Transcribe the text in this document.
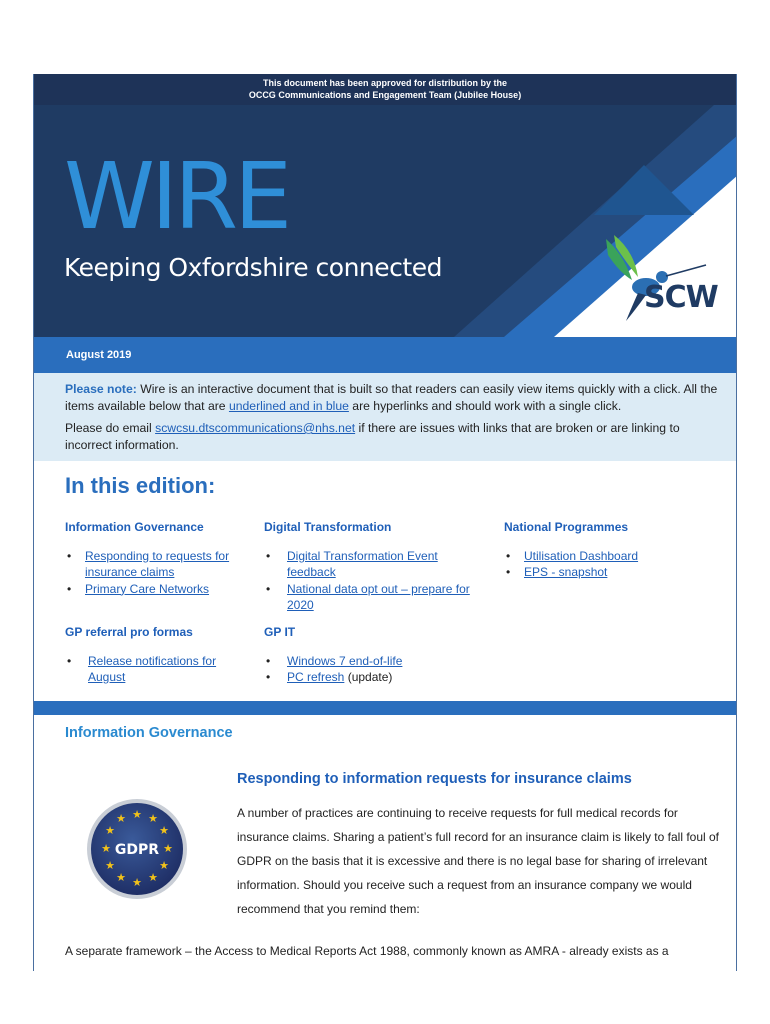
This document has been approved for distribution by the
OCCG Communications and Engagement Team (Jubilee House)
WIRE
Keeping Oxfordshire connected
SCW
August 2019

Please note: Wire is an interactive document that is built so that readers can easily view items quickly with a click. All the items available below that are underlined and in blue are hyperlinks and should work with a single click.

Please do email scwcsu.dtscommunications@nhs.net if there are issues with links that are broken or are linking to incorrect information.

In this edition:
Information Governance
• Responding to requests for insurance claims
• Primary Care Networks
Digital Transformation
• Digital Transformation Event feedback
• National data opt out – prepare for 2020
National Programmes
• Utilisation Dashboard
• EPS - snapshot
GP referral pro formas
• Release notifications for August
GP IT
• Windows 7 end-of-life
• PC refresh (update)
Information Governance
Responding to information requests for insurance claims
★ ★
★
★
★
★
★
★
★
★
★
★
GDPR
A number of practices are continuing to receive requests for full medical records for insurance claims. Sharing a patient’s full record for an insurance claim is likely to fall foul of GDPR on the basis that it is excessive and there is no legal base for sharing of irrelevant information. Should you receive such a request from an insurance company we would recommend that you remind them:
A separate framework – the Access to Medical Reports Act 1988, commonly known as AMRA - already exists as a
